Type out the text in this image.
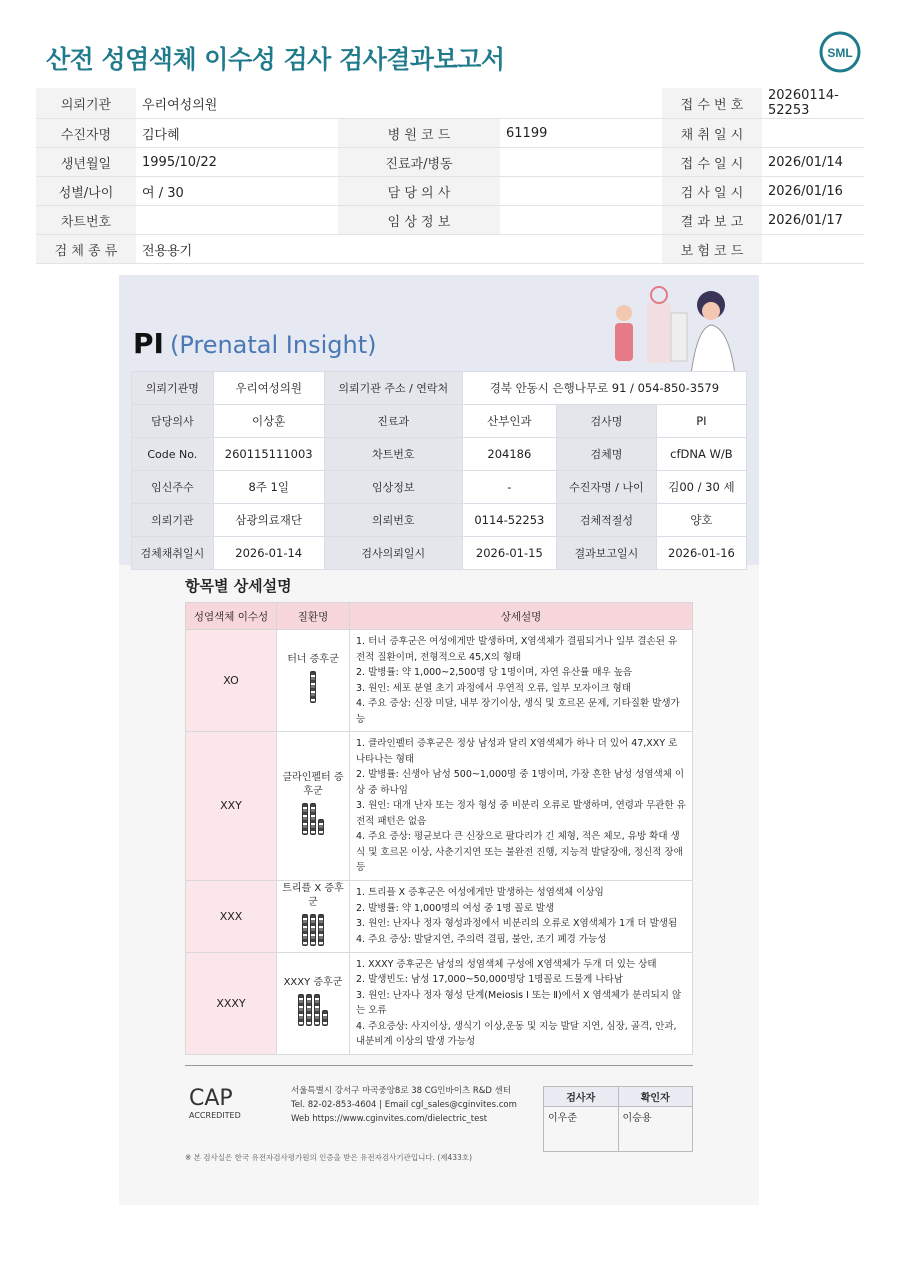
산전 성염색체 이수성 검사 검사결과보고서	SML
의뢰기관	우리여성의원			접 수 번 호	20260114-52253
수진자명	김다혜	병 원 코 드	61199	채 취 일 시	
생년월일	1995/10/22	진료과/병동		접 수 일 시	2026/01/14
성별/나이	여 / 30	담 당 의 사		검 사 일 시	2026/01/16
차트번호		임 상 정 보		결 과 보 고	2026/01/17
검 체 종 류	전용용기			보 험 코 드	
PI (Prenatal Insight)
의뢰기관명	우리여성의원	의뢰기관 주소 / 연락처	경북 안동시 은행나무로 91 / 054-850-3579		
담당의사	이상훈	진료과	산부인과	검사명	PI
Code No.	260115111003	차트번호	204186	검체명	cfDNA W/B
임신주수	8주 1일	임상정보	-	수진자명 / 나이	김00 / 30 세
의뢰기관	삼광의료재단	의뢰번호	0114-52253	검체적절성	양호
검체채취일시	2026-01-14	검사의뢰일시	2026-01-15	결과보고일시	2026-01-16
항목별 상세설명
성염색체 이수성	질환명	상세설명
XO	터너 증후군	1. 터너 증후군은 여성에게만 발생하며, X염색체가 결핍되거나 일부 결손된 유전적 질환이며, 전형적으로 45,X의 형태
2. 발병률: 약 1,000~2,500명 당 1명이며, 자연 유산률 매우 높음
3. 원인: 세포 분열 초기 과정에서 우연적 오류, 일부 모자이크 형태
4. 주요 증상: 신장 미달, 내부 장기이상, 생식 및 호르몬 문제, 기타질환 발생가능

XXY	클라인펠터 증후군	1. 클라인펠터 증후군은 정상 남성과 달리 X염색체가 하나 더 있어 47,XXY 로 나타나는 형태
2. 발병률: 신생아 남성 500~1,000명 중 1명이며, 가장 흔한 남성 성염색체 이상 중 하나임
3. 원인: 대개 난자 또는 정자 형성 중 비분리 오류로 발생하며, 연령과 무관한 유전적 패턴은 없음
4. 주요 증상: 평균보다 큰 신장으로 팔다리가 긴 체형, 적은 체모, 유방 확대 생식 및 호르몬 이상, 사춘기지연 또는 불완전 진행, 지능적 발달장애, 정신적 장애 등

XXX	트리플 X 증후군	1. 트리플 X 증후군은 여성에게만 발생하는 성염색체 이상임
2. 발병률: 약 1,000명의 여성 중 1명 꼴로 발생
3. 원인: 난자나 정자 형성과정에서 비분리의 오류로 X염색체가 1개 더 발생됨
4. 주요 증상: 발달지연, 주의력 결핍, 불안, 조기 폐경 가능성

XXXY	XXXY 증후군	1. XXXY 증후군은 남성의 성염색체 구성에 X염색체가 두개 더 있는 상태
2. 발생빈도: 남성 17,000~50,000명당 1명꼴로 드물게 나타남
3. 원인: 난자나 정자 형성 단계(Meiosis Ⅰ 또는 Ⅱ)에서 X 염색체가 분리되지 않는 오류
4. 주요증상: 사지이상, 생식기 이상,운동 및 지능 발달 지연, 심장, 골격, 안과, 내분비계 이상의 발생 가능성
CAP
ACCREDITED
서울특별시 강서구 마곡중앙8로 38 CG인바이츠 R&D 센터
Tel. 82-02-853-4604 | Email cgl_sales@cginvites.com
Web https://www.cginvites.com/dielectric_test
검사자	확인자
이우준	이승용
※ 본 검사실은 한국 유전자검사평가원의 인증을 받은 유전자검사기관입니다. (제433호)
